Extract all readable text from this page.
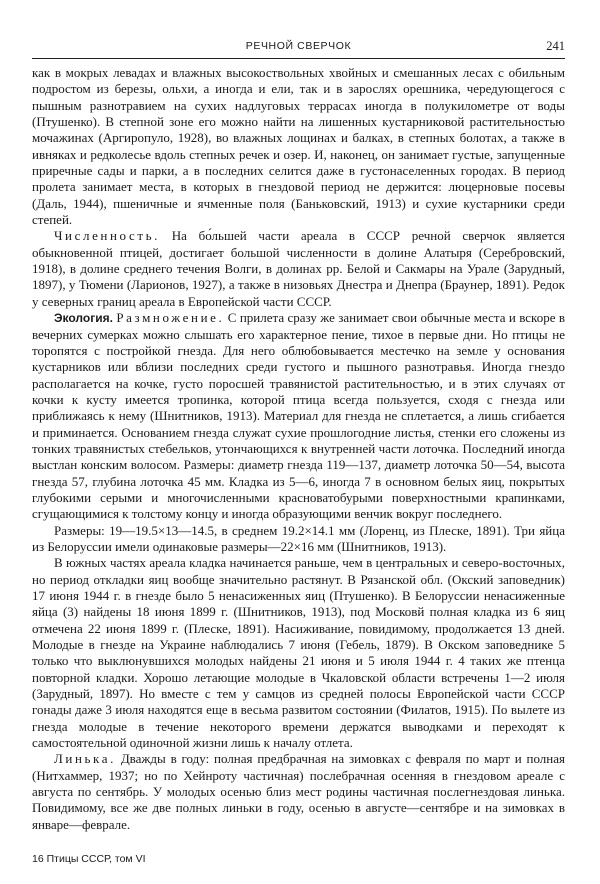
РЕЧНОЙ СВЕРЧОК	241

как в мокрых левадах и влажных высокоствольных хвойных и смешанных лесах с обильным подростом из березы, ольхи, а иногда и ели, так и в зарослях орешника, чередующегося с пышным разнотравием на сухих надлуговых террасах иногда в полукилометре от воды (Птушенко). В степной зоне его можно найти на лишенных кустарниковой растительностью мочажинах (Аргиропуло, 1928), во влажных лощинах и балках, в степных болотах, а также в ивняках и редколесье вдоль степных речек и озер. И, наконец, он занимает густые, запущенные приречные сады и парки, а в последних селится даже в густонаселенных городах. В период пролета занимает места, в которых в гнездовой период не держится: люцерновые посевы (Даль, 1944), пшеничные и ячменные поля (Баньковский, 1913) и сухие кустарники среди степей.

Численность. На бо́льшей части ареала в СССР речной сверчок является обыкновенной птицей, достигает большой численности в долине Алатыря (Серебровский, 1918), в долине среднего течения Волги, в долинах рр. Белой и Сакмары на Урале (Зарудный, 1897), у Тюмени (Ларионов, 1927), а также в низовьях Днестра и Днепра (Браунер, 1891). Редок у северных границ ареала в Европейской части СССР.

Экология. Размножение. С прилета сразу же занимает свои обычные места и вскоре в вечерних сумерках можно слышать его характерное пение, тихое в первые дни. Но птицы не торопятся с постройкой гнезда. Для него облюбовывается местечко на земле у основания кустарников или вблизи последних среди густого и пышного разнотравья. Иногда гнездо располагается на кочке, густо поросшей травянистой растительностью, и в этих случаях от кочки к кусту имеется тропинка, которой птица всегда пользуется, сходя с гнезда или приближаясь к нему (Шнитников, 1913). Материал для гнезда не сплетается, а лишь сгибается и приминается. Основанием гнезда служат сухие прошлогодние листья, стенки его сложены из тонких травянистых стебельков, утончающихся к внутренней части лоточка. Последний иногда выстлан конским волосом. Размеры: диаметр гнезда 119—137, диаметр лоточка 50—54, высота гнезда 57, глубина лоточка 45 мм. Кладка из 5—6, иногда 7 в основном белых яиц, покрытых глубокими серыми и многочисленными красноватобурыми поверхностными крапинками, сгущающимися к толстому концу и иногда образующими венчик вокруг последнего.

Размеры: 19—19.5×13—14.5, в среднем 19.2×14.1 мм (Лоренц, из Плеске, 1891). Три яйца из Белоруссии имели одинаковые размеры—22×16 мм (Шнитников, 1913).

В южных частях ареала кладка начинается раньше, чем в центральных и северо-восточных, но период откладки яиц вообще значительно растянут. В Рязанской обл. (Окский заповедник) 17 июня 1944 г. в гнезде было 5 ненасиженных яиц (Птушенко). В Белоруссии ненасиженные яйца (3) найдены 18 июня 1899 г. (Шнитников, 1913), под Московй полная кладка из 6 яиц отмечена 22 июня 1899 г. (Плеске, 1891). Насиживание, повидимому, продолжается 13 дней. Молодые в гнезде на Украине наблюдались 7 июня (Гебель, 1879). В Окском заповеднике 5 только что выклюнувшихся молодых найдены 21 июня и 5 июля 1944 г. 4 таких же птенца повторной кладки. Хорошо летающие молодые в Чкаловской области встречены 1—2 июля (Зарудный, 1897). Но вместе с тем у самцов из средней полосы Европейской части СССР гонады даже 3 июля находятся еще в весьма развитом состоянии (Филатов, 1915). По вылете из гнезда молодые в течение некоторого времени держатся выводками и переходят к самостоятельной одиночной жизни лишь к началу отлета.

Линька. Дважды в году: полная предбрачная на зимовках с февраля по март и полная (Нитхаммер, 1937; но по Хейнроту частичная) послебрачная осенняя в гнездовом ареале с августа по сентябрь. У молодых осенью близ мест родины частичная послегнездовая линька. Повидимому, все же две полных линьки в году, осенью в августе—сентябре и на зимовках в январе—феврале.

16 Птицы СССР, том VI
